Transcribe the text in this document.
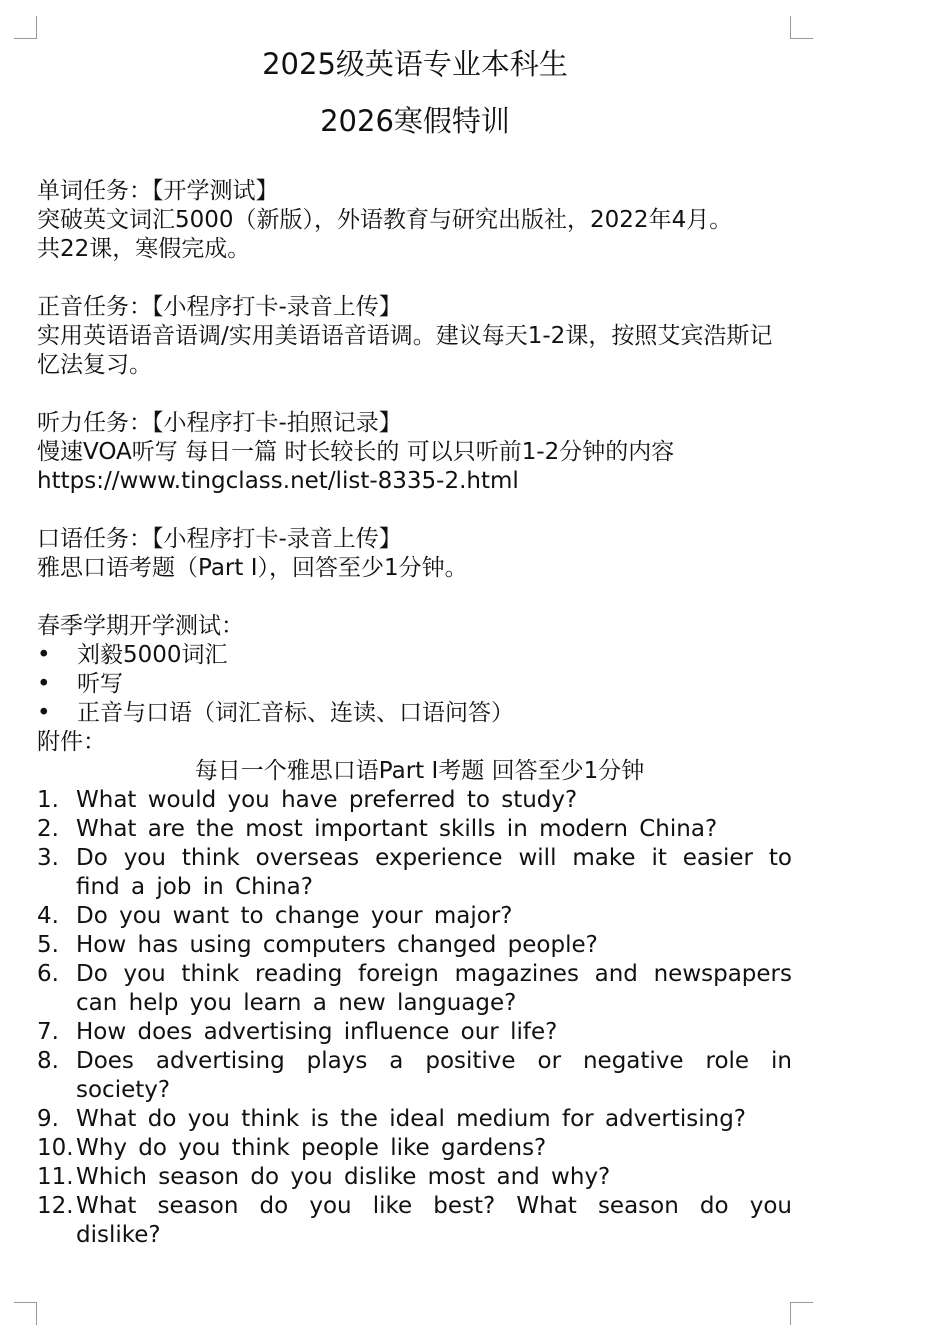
2025级英语专业本科生
2026寒假特训

单词任务：【开学测试】

突破英文词汇5000（新版），外语教育与研究出版社，2022年4月。

共22课，寒假完成。

正音任务：【小程序打卡-录音上传】

实用英语语音语调/实用美语语音语调。建议每天1-2课，按照艾宾浩斯记忆法复习。

听力任务：【小程序打卡-拍照记录】

慢速VOA听写 每日一篇 时长较长的 可以只听前1-2分钟的内容

https://www.tingclass.net/list-8335-2.html

口语任务：【小程序打卡-录音上传】

雅思口语考题（Part I），回答至少1分钟。

春季学期开学测试：

• 刘毅5000词汇
• 听写
• 正音与口语（词汇音标、连读、口语问答）

附件：

每日一个雅思口语Part I考题 回答至少1分钟

1. What would you have preferred to study?
2. What are the most important skills in modern China?
3. Do you think overseas experience will make it easier to find a job in China?
4. Do you want to change your major?
5. How has using computers changed people?
6. Do you think reading foreign magazines and newspapers can help you learn a new language?
7. How does advertising influence our life?
8. Does advertising plays a positive or negative role in society?
9. What do you think is the ideal medium for advertising?
10. Why do you think people like gardens?
11. Which season do you dislike most and why?
12. What season do you like best? What season do you dislike?
